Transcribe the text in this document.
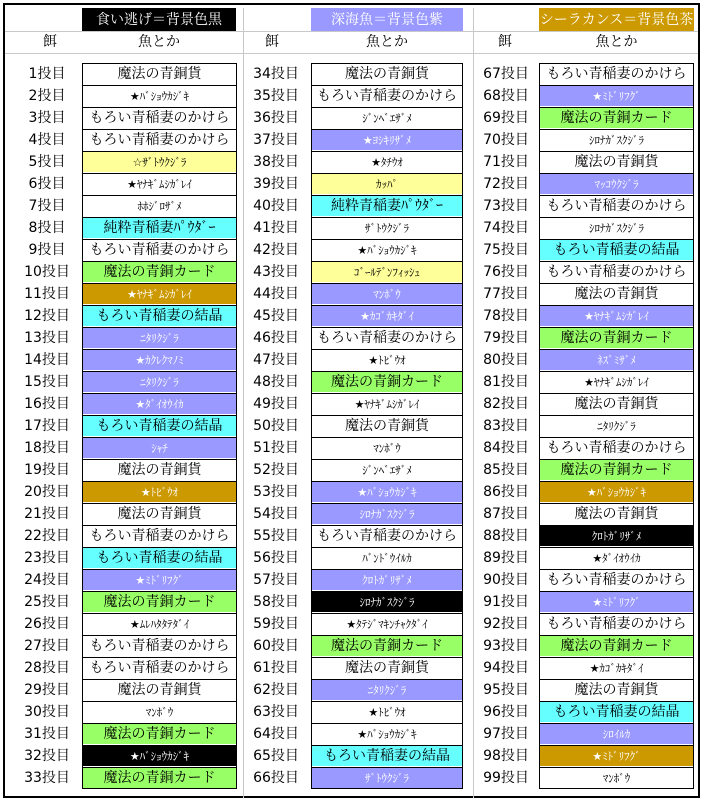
食い逃げ＝背景色黒	深海魚＝背景色紫	シーラカンス＝背景色茶
餌	魚とか	餌	魚とか	餌	魚とか
1投目	魔法の青銅貨
2投目	★ﾊﾞｼｮｳｶｼﾞｷ
3投目	もろい青稲妻のかけら
4投目	もろい青稲妻のかけら
5投目	☆ｻﾞﾄｳｸｼﾞﾗ
6投目	★ﾔﾅｷﾞﾑｼｶﾞﾚｲ
7投目	ﾎﾎｼﾞﾛｻﾞﾒ
8投目	純粋青稲妻ﾊﾟｳﾀﾞｰ
9投目	もろい青稲妻のかけら
10投目	魔法の青銅カード
11投目	★ﾔﾅｷﾞﾑｼｶﾞﾚｲ
12投目	もろい青稲妻の結晶
13投目	ﾆﾀﾘｸｼﾞﾗ
14投目	★ｶｸﾚｸﾏﾉﾐ
15投目	ﾆﾀﾘｸｼﾞﾗ
16投目	★ﾀﾞｲｵｳｲｶ
17投目	もろい青稲妻の結晶
18投目	ｼｬﾁ
19投目	魔法の青銅貨
20投目	★ﾄﾋﾞｳｵ
21投目	魔法の青銅貨
22投目	もろい青稲妻のかけら
23投目	もろい青稲妻の結晶
24投目	★ﾐﾄﾞﾘﾌｸﾞ
25投目	魔法の青銅カード
26投目	★ﾑﾚﾊﾀﾀﾃﾀﾞｲ
27投目	もろい青稲妻のかけら
28投目	もろい青稲妻のかけら
29投目	魔法の青銅貨
30投目	ﾏﾝﾎﾞｳ
31投目	魔法の青銅カード
32投目	★ﾊﾞｼｮｳｶｼﾞｷ
33投目	魔法の青銅カード
34投目	魔法の青銅貨
35投目	もろい青稲妻のかけら
36投目	ｼﾞﾝﾍﾞｴｻﾞﾒ
37投目	★ﾖｼｷﾘｻﾞﾒ
38投目	★ﾀﾁｳｵ
39投目	ｶｯﾊﾟ
40投目	純粋青稲妻ﾊﾟｳﾀﾞｰ
41投目	ｻﾞﾄｳｸｼﾞﾗ
42投目	★ﾊﾞｼｮｳｶｼﾞｷ
43投目	ｺﾞｰﾙﾃﾞﾝﾌｨｯｼｭ
44投目	ﾏﾝﾎﾞｳ
45投目	★ｶｺﾞｶｷﾀﾞｲ
46投目	もろい青稲妻のかけら
47投目	★ﾄﾋﾞｳｵ
48投目	魔法の青銅カード
49投目	★ﾔﾅｷﾞﾑｼｶﾞﾚｲ
50投目	魔法の青銅貨
51投目	ﾏﾝﾎﾞｳ
52投目	ｼﾞﾝﾍﾞｴｻﾞﾒ
53投目	★ﾊﾞｼｮｳｶｼﾞｷ
54投目	ｼﾛﾅｶﾞｽｸｼﾞﾗ
55投目	もろい青稲妻のかけら
56投目	ﾊﾞﾝﾄﾞｳｲﾙｶ
57投目	ｸﾛﾄｶﾞﾘｻﾞﾒ
58投目	ｼﾛﾅｶﾞｽｸｼﾞﾗ
59投目	★ﾀﾃｼﾞﾏｷﾝﾁｬｸﾀﾞｲ
60投目	魔法の青銅カード
61投目	魔法の青銅貨
62投目	ﾆﾀﾘｸｼﾞﾗ
63投目	★ﾄﾋﾞｳｵ
64投目	★ﾊﾞｼｮｳｶｼﾞｷ
65投目	もろい青稲妻の結晶
66投目	ｻﾞﾄｳｸｼﾞﾗ
67投目	もろい青稲妻のかけら
68投目	★ﾐﾄﾞﾘﾌｸﾞ
69投目	魔法の青銅カード
70投目	ｼﾛﾅｶﾞｽｸｼﾞﾗ
71投目	魔法の青銅貨
72投目	ﾏｯｺｳｸｼﾞﾗ
73投目	もろい青稲妻のかけら
74投目	ｼﾛﾅｶﾞｽｸｼﾞﾗ
75投目	もろい青稲妻の結晶
76投目	もろい青稲妻のかけら
77投目	魔法の青銅貨
78投目	★ﾔﾅｷﾞﾑｼｶﾞﾚｲ
79投目	魔法の青銅カード
80投目	ﾈｽﾞﾐｻﾞﾒ
81投目	★ﾔﾅｷﾞﾑｼｶﾞﾚｲ
82投目	魔法の青銅貨
83投目	ﾆﾀﾘｸｼﾞﾗ
84投目	もろい青稲妻のかけら
85投目	魔法の青銅カード
86投目	★ﾊﾞｼｮｳｶｼﾞｷ
87投目	魔法の青銅貨
88投目	ｸﾛﾄｶﾞﾘｻﾞﾒ
89投目	★ﾀﾞｲｵｳｲｶ
90投目	もろい青稲妻のかけら
91投目	★ﾐﾄﾞﾘﾌｸﾞ
92投目	もろい青稲妻のかけら
93投目	魔法の青銅カード
94投目	★ｶｺﾞｶｷﾀﾞｲ
95投目	魔法の青銅貨
96投目	もろい青稲妻の結晶
97投目	ｼﾛｲﾙｶ
98投目	★ﾐﾄﾞﾘﾌｸﾞ
99投目	ﾏﾝﾎﾞｳ
